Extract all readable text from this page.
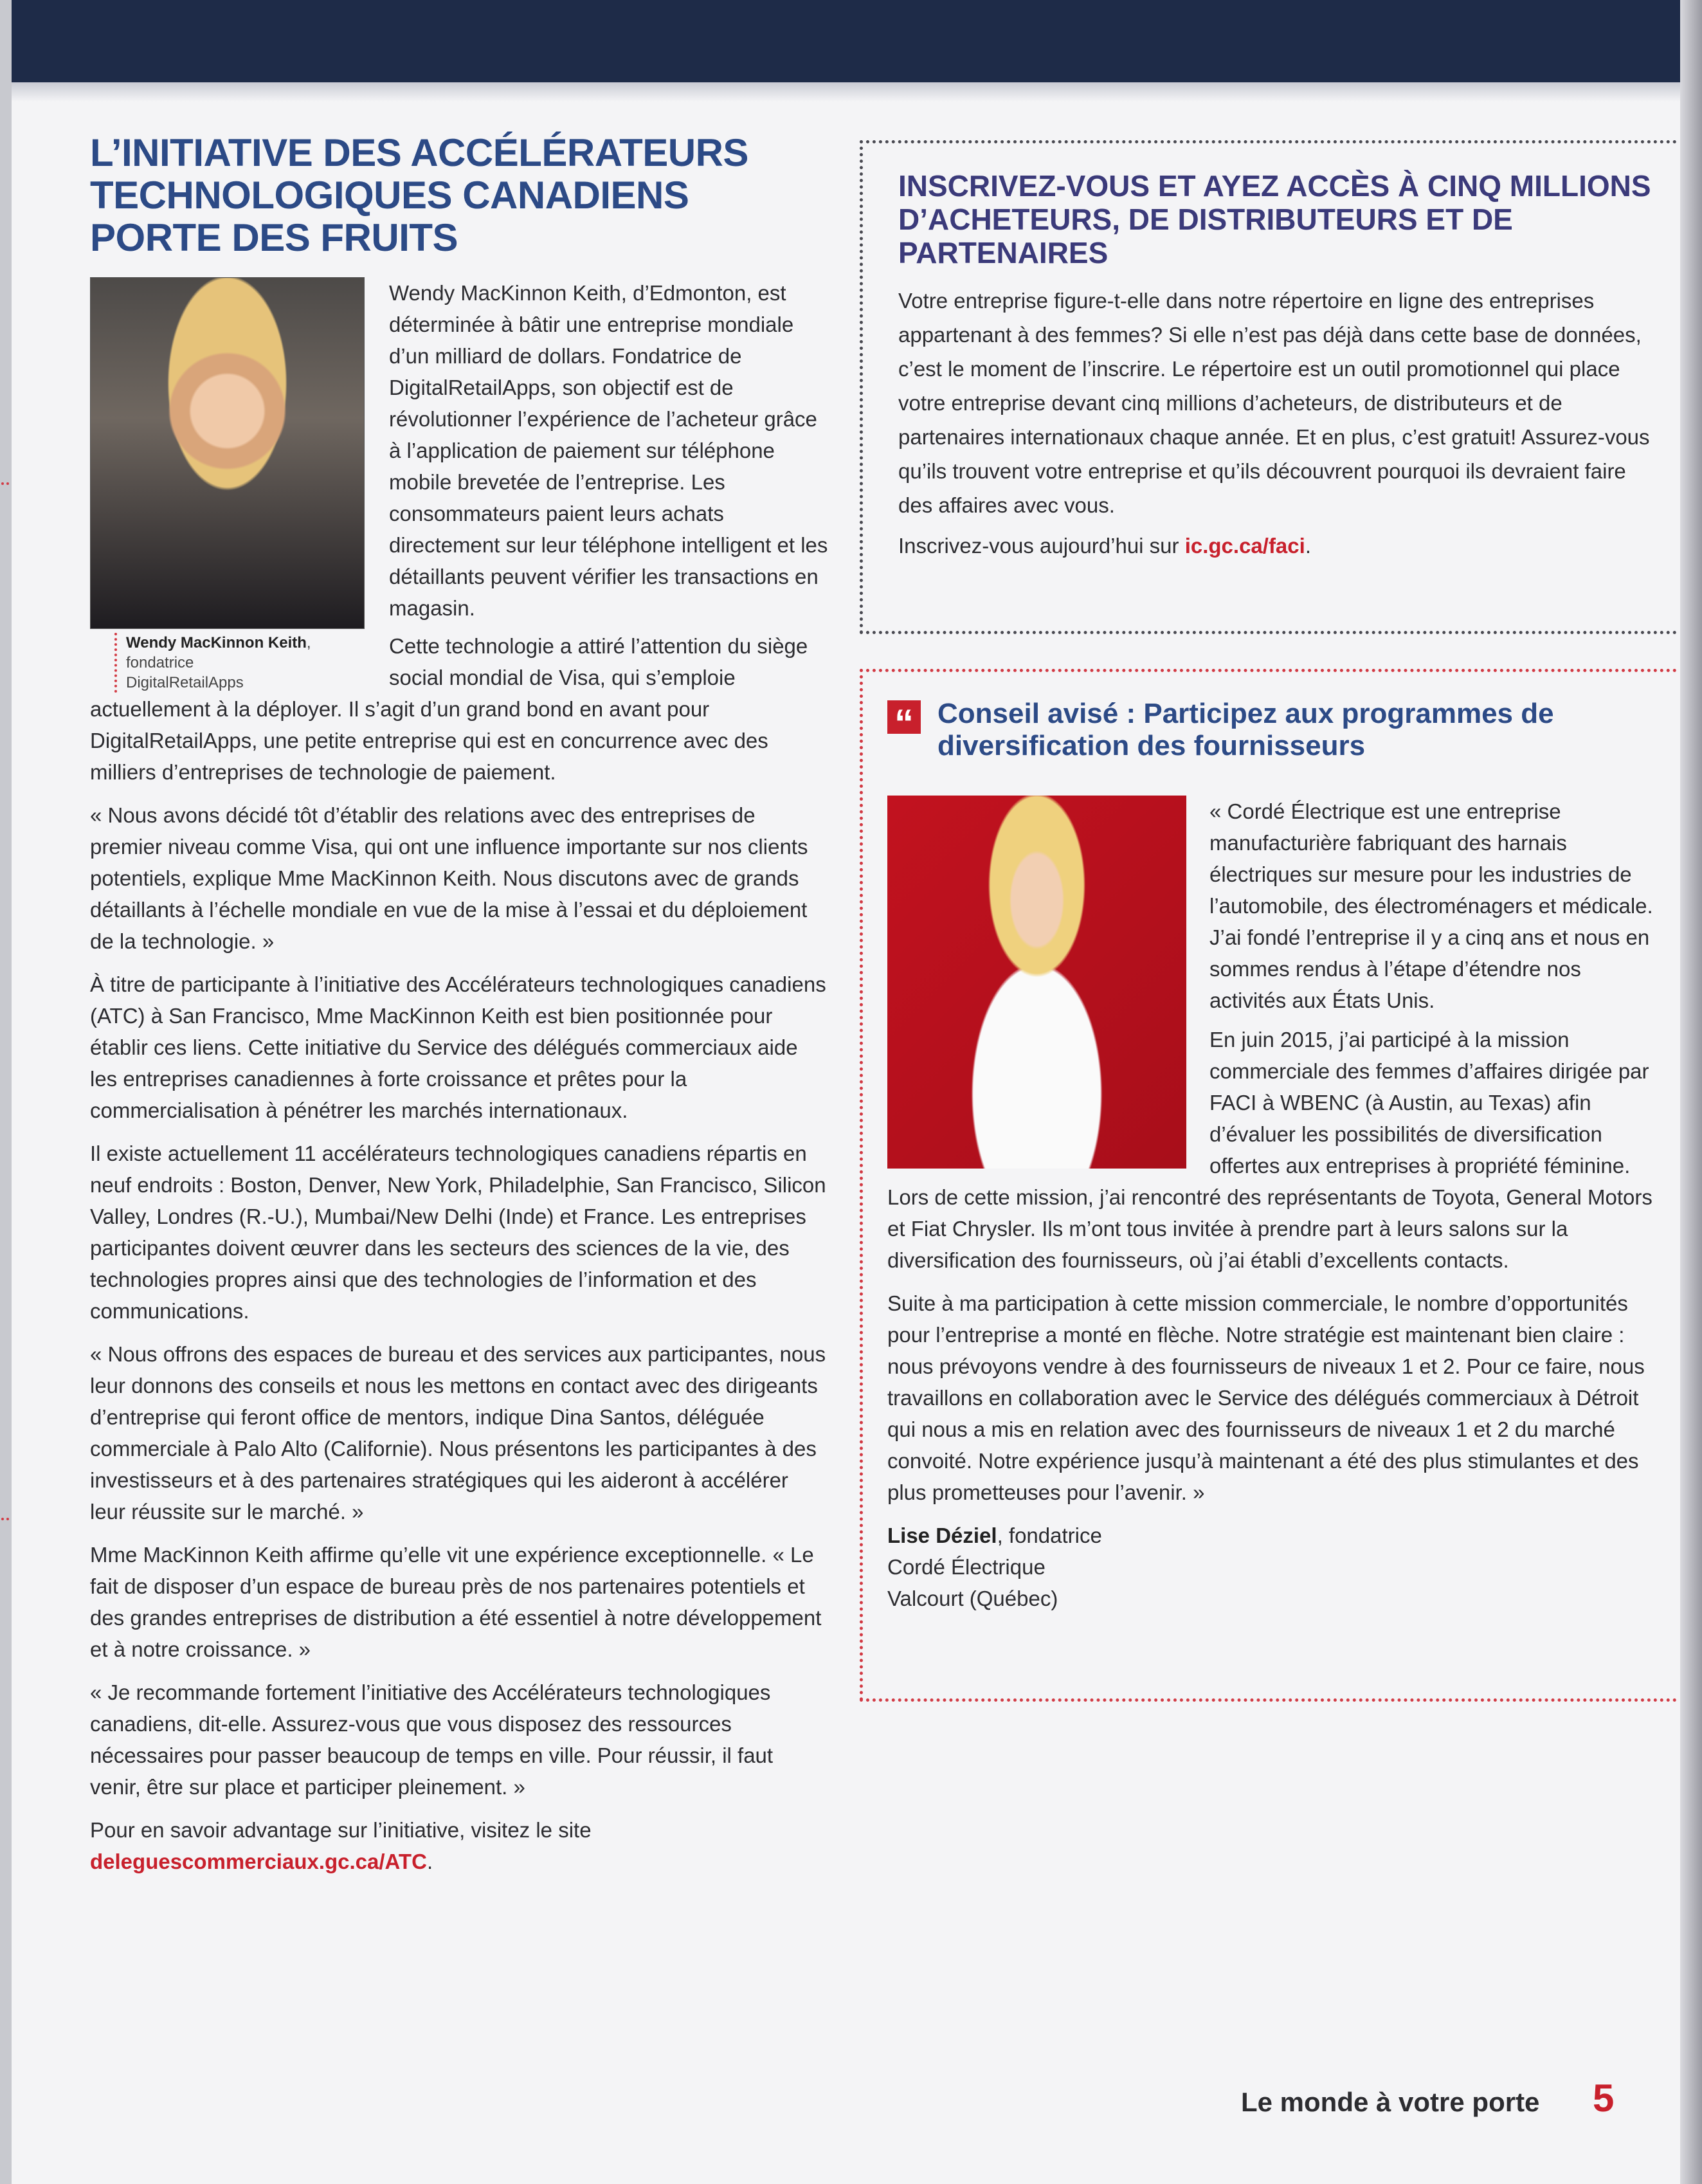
L’INITIATIVE DES ACCÉLÉRATEURS TECHNOLOGIQUES CANADIENS PORTE DES FRUITS
Wendy MacKinnon Keith,
fondatrice
DigitalRetailApps

Wendy MacKinnon Keith, d’Edmonton, est déterminée à bâtir une entreprise mondiale d’un milliard de dollars. Fondatrice de DigitalRetailApps, son objectif est de révolutionner l’expérience de l’acheteur grâce à l’application de paiement sur téléphone mobile brevetée de l’entreprise. Les consommateurs paient leurs achats directement sur leur téléphone intelligent et les détaillants peuvent vérifier les transactions en magasin.

Cette technologie a attiré l’attention du siège social mondial de Visa, qui s’emploie actuellement à la déployer. Il s’agit d’un grand bond en avant pour DigitalRetailApps, une petite entreprise qui est en concurrence avec des milliers d’entreprises de technologie de paiement.

« Nous avons décidé tôt d’établir des relations avec des entreprises de premier niveau comme Visa, qui ont une influence importante sur nos clients potentiels, explique Mme MacKinnon Keith. Nous discutons avec de grands détaillants à l’échelle mondiale en vue de la mise à l’essai et du déploiement de la technologie. »

À titre de participante à l’initiative des Accélérateurs technologiques canadiens (ATC) à San Francisco, Mme MacKinnon Keith est bien positionnée pour établir ces liens. Cette initiative du Service des délégués commerciaux aide les entreprises canadiennes à forte croissance et prêtes pour la commercialisation à pénétrer les marchés internationaux.

Il existe actuellement 11 accélérateurs technologiques canadiens répartis en neuf endroits : Boston, Denver, New York, Philadelphie, San Francisco, Silicon Valley, Londres (R.-U.), Mumbai/New Delhi (Inde) et France. Les entreprises participantes doivent œuvrer dans les secteurs des sciences de la vie, des technologies propres ainsi que des technologies de l’information et des communications.

« Nous offrons des espaces de bureau et des services aux participantes, nous leur donnons des conseils et nous les mettons en contact avec des dirigeants d’entreprise qui feront office de mentors, indique Dina Santos, déléguée commerciale à Palo Alto (Californie). Nous présentons les participantes à des investisseurs et à des partenaires stratégiques qui les aideront à accélérer leur réussite sur le marché. »

Mme MacKinnon Keith affirme qu’elle vit une expérience exceptionnelle. « Le fait de disposer d’un espace de bureau près de nos partenaires potentiels et des grandes entreprises de distribution a été essentiel à notre développement et à notre croissance. »

« Je recommande fortement l’initiative des Accélérateurs technologiques canadiens, dit-elle. Assurez-vous que vous disposez des ressources nécessaires pour passer beaucoup de temps en ville. Pour réussir, il faut venir, être sur place et participer pleinement. »

Pour en savoir advantage sur l’initiative, visitez le site
deleguescommerciaux.gc.ca/ATC.

INSCRIVEZ-VOUS ET AYEZ ACCÈS À CINQ MILLIONS D’ACHETEURS, DE DISTRIBUTEURS ET DE PARTENAIRES

Votre entreprise figure-t-elle dans notre répertoire en ligne des entreprises appartenant à des femmes? Si elle n’est pas déjà dans cette base de données, c’est le moment de l’inscrire. Le répertoire est un outil promotionnel qui place votre entreprise devant cinq millions d’acheteurs, de distributeurs et de partenaires internationaux chaque année. Et en plus, c’est gratuit! Assurez-vous qu’ils trouvent votre entreprise et qu’ils découvrent pourquoi ils devraient faire des affaires avec vous.

Inscrivez-vous aujourd’hui sur ic.gc.ca/faci.

“ Conseil avisé : Participez aux programmes de diversification des fournisseurs

« Cordé Électrique est une entreprise manufacturière fabriquant des harnais électriques sur mesure pour les industries de l’automobile, des électroménagers et médicale. J’ai fondé l’entreprise il y a cinq ans et nous en sommes rendus à l’étape d’étendre nos activités aux États Unis.

En juin 2015, j’ai participé à la mission commerciale des femmes d’affaires dirigée par FACI à WBENC (à Austin, au Texas) afin d’évaluer les possibilités de diversification offertes aux entreprises à propriété féminine. Lors de cette mission, j’ai rencontré des représentants de Toyota, General Motors et Fiat Chrysler. Ils m’ont tous invitée à prendre part à leurs salons sur la diversification des fournisseurs, où j’ai établi d’excellents contacts.

Suite à ma participation à cette mission commerciale, le nombre d’opportunités pour l’entreprise a monté en flèche. Notre stratégie est maintenant bien claire : nous prévoyons vendre à des fournisseurs de niveaux 1 et 2. Pour ce faire, nous travaillons en collaboration avec le Service des délégués commerciaux à Détroit qui nous a mis en relation avec des fournisseurs de niveaux 1 et 2 du marché convoité. Notre expérience jusqu’à maintenant a été des plus stimulantes et des plus prometteuses pour l’avenir. »

Lise Déziel, fondatrice
Cordé Électrique
Valcourt (Québec)
Le monde à votre porte 5
